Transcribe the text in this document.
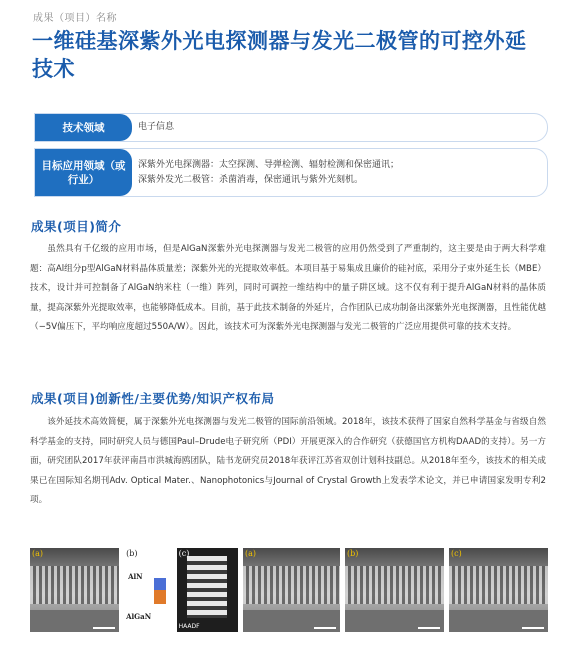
成果（项目）名称
一维硅基深紫外光电探测器与发光二极管的可控外延技术
技术领域	电子信息
目标应用领域（或行业）
深紫外光电探测器：太空探测、导弹检测、辐射检测和保密通讯；
深紫外发光二极管：杀菌消毒，保密通讯与紫外光刻机。
成果(项目)简介
虽然具有千亿级的应用市场，但是AlGaN深紫外光电探测器与发光二极管的应用仍然受到了严重制约，这主要是由于两大科学难题：高Al组分p型AlGaN材料晶体质量差；深紫外光的光提取效率低。本项目基于易集成且廉价的硅衬底，采用分子束外延生长（MBE）技术，设计并可控制备了AlGaN纳米柱（一维）阵列，同时可调控一维结构中的量子阱区域。这不仅有利于提升AlGaN材料的晶体质量，提高深紫外光提取效率，也能够降低成本。目前，基于此技术制备的外延片，合作团队已成功制备出深紫外光电探测器，且性能优越（−5V偏压下，平均响应度超过550A/W）。因此，该技术可为深紫外光电探测器与发光二极管的广泛应用提供可靠的技术支持。
成果(项目)创新性/主要优势/知识产权布局
该外延技术高效简便，属于深紫外光电探测器与发光二极管的国际前沿领域。2018年，该技术获得了国家自然科学基金与省级自然科学基金的支持，同时研究人员与德国Paul–Drude电子研究所（PDI）开展更深入的合作研究（获德国官方机构DAAD的支持）。另一方面，研究团队2017年获评南昌市洪城海鸥团队，陆书龙研究员2018年获评江苏省双创计划科技副总。从2018年至今，该技术的相关成果已在国际知名期刊Adv. Optical Mater.、Nanophotonics与Journal of Crystal Growth上发表学术论文，并已申请国家发明专利2项。
(a)	(b)
AlN
AlGaN
(c)
HAADF
(a)	(b)	(c)
